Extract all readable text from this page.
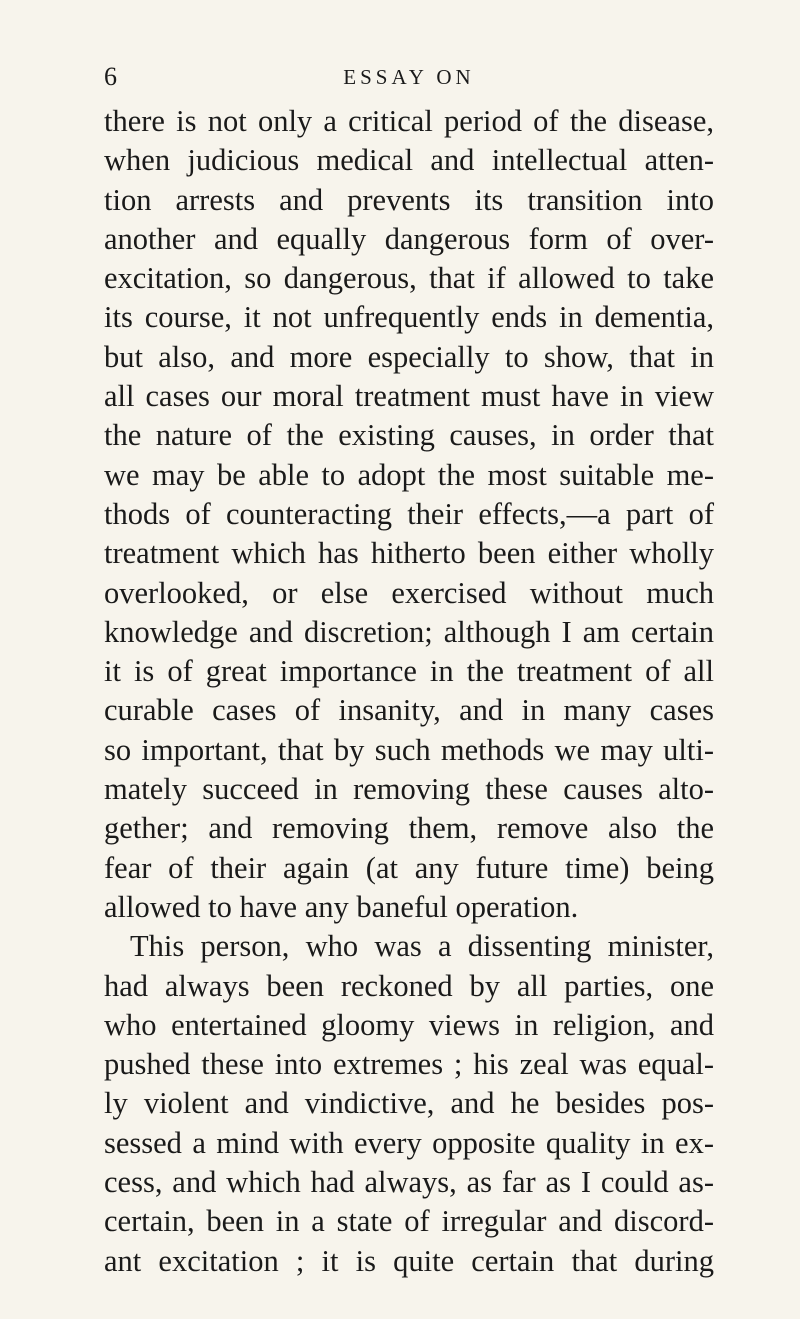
6	ESSAY ON
there is not only a critical period of the disease,
when judicious medical and intellectual atten-
tion arrests and prevents its transition into
another and equally dangerous form of over-
excitation, so dangerous, that if allowed to take
its course, it not unfrequently ends in dementia,
but also, and more especially to show, that in
all cases our moral treatment must have in view
the nature of the existing causes, in order that
we may be able to adopt the most suitable me-
thods of counteracting their effects,—a part of
treatment which has hitherto been either wholly
overlooked, or else exercised without much
knowledge and discretion; although I am certain
it is of great importance in the treatment of all
curable cases of insanity, and in many cases
so important, that by such methods we may ulti-
mately succeed in removing these causes alto-
gether; and removing them, remove also the
fear of their again (at any future time) being
allowed to have any baneful operation.
This person, who was a dissenting minister,
had always been reckoned by all parties, one
who entertained gloomy views in religion, and
pushed these into extremes ; his zeal was equal-
ly violent and vindictive, and he besides pos-
sessed a mind with every opposite quality in ex-
cess, and which had always, as far as I could as-
certain, been in a state of irregular and discord-
ant excitation ; it is quite certain that during
